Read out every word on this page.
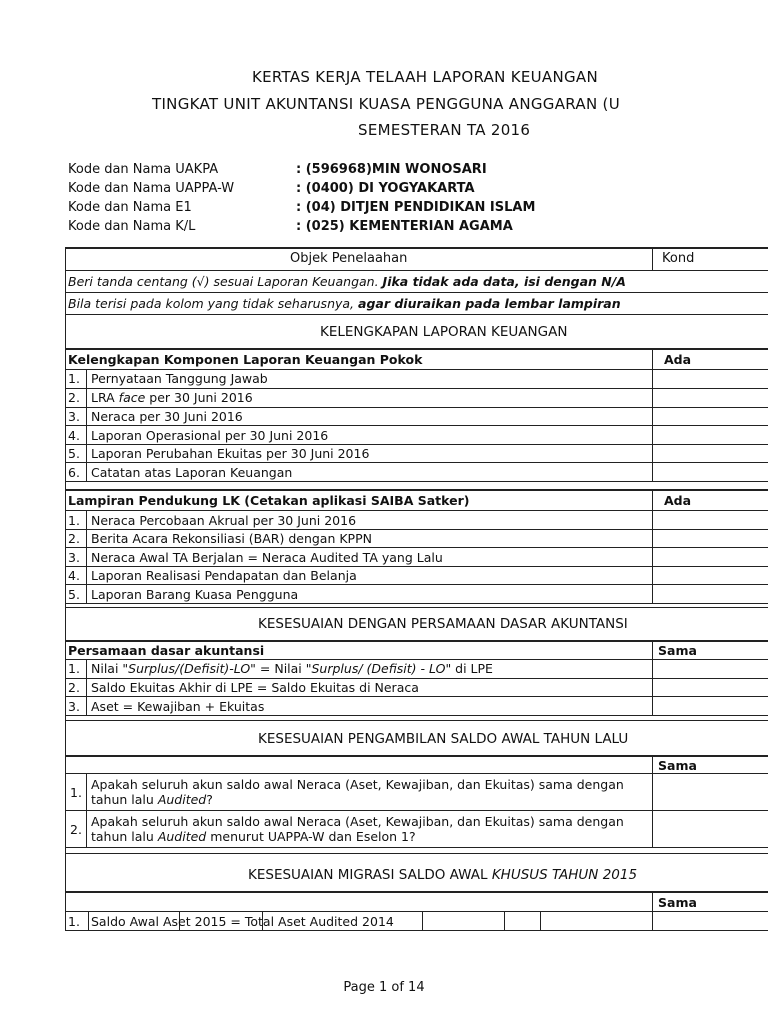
KERTAS KERJA TELAAH LAPORAN KEUANGAN
TINGKAT UNIT AKUNTANSI KUASA PENGGUNA ANGGARAN (U
SEMESTERAN TA 2016
Kode dan Nama UAKPA	: (596968)MIN WONOSARI
Kode dan Nama UAPPA-W	: (0400) DI YOGYAKARTA
Kode dan Nama E1	: (04) DITJEN PENDIDIKAN ISLAM
Kode dan Nama K/L	: (025) KEMENTERIAN AGAMA
Objek Penelaahan	Kond
Beri tanda centang (√) sesuai Laporan Keuangan. Jika tidak ada data, isi dengan N/A
Bila terisi pada kolom yang tidak seharusnya, agar diuraikan pada lembar lampiran
KELENGKAPAN LAPORAN KEUANGAN
Kelengkapan Komponen Laporan Keuangan Pokok	Ada
1. Pernyataan Tanggung Jawab
2. LRA face per 30 Juni 2016
3. Neraca per 30 Juni 2016
4. Laporan Operasional per 30 Juni 2016
5. Laporan Perubahan Ekuitas per 30 Juni 2016
6. Catatan atas Laporan Keuangan
Lampiran Pendukung LK (Cetakan aplikasi SAIBA Satker)	Ada
1. Neraca Percobaan Akrual per 30 Juni 2016
2. Berita Acara Rekonsiliasi (BAR) dengan KPPN
3. Neraca Awal TA Berjalan = Neraca Audited TA yang Lalu
4. Laporan Realisasi Pendapatan dan Belanja
5. Laporan Barang Kuasa Pengguna
KESESUAIAN DENGAN PERSAMAAN DASAR AKUNTANSI
Persamaan dasar akuntansi	Sama
1. Nilai "Surplus/(Defisit)-LO" = Nilai "Surplus/ (Defisit) - LO" di LPE
2. Saldo Ekuitas Akhir di LPE = Saldo Ekuitas di Neraca
3. Aset = Kewajiban + Ekuitas
KESESUAIAN PENGAMBILAN SALDO AWAL TAHUN LALU
Sama
1.
Apakah seluruh akun saldo awal Neraca (Aset, Kewajiban, dan Ekuitas) sama dengan
tahun lalu Audited?
2.
Apakah seluruh akun saldo awal Neraca (Aset, Kewajiban, dan Ekuitas) sama dengan
tahun lalu Audited menurut UAPPA-W dan Eselon 1?
KESESUAIAN MIGRASI SALDO AWAL KHUSUS TAHUN 2015
Sama
1. Saldo Awal Aset 2015 = Total Aset Audited 2014
Page 1 of 14
